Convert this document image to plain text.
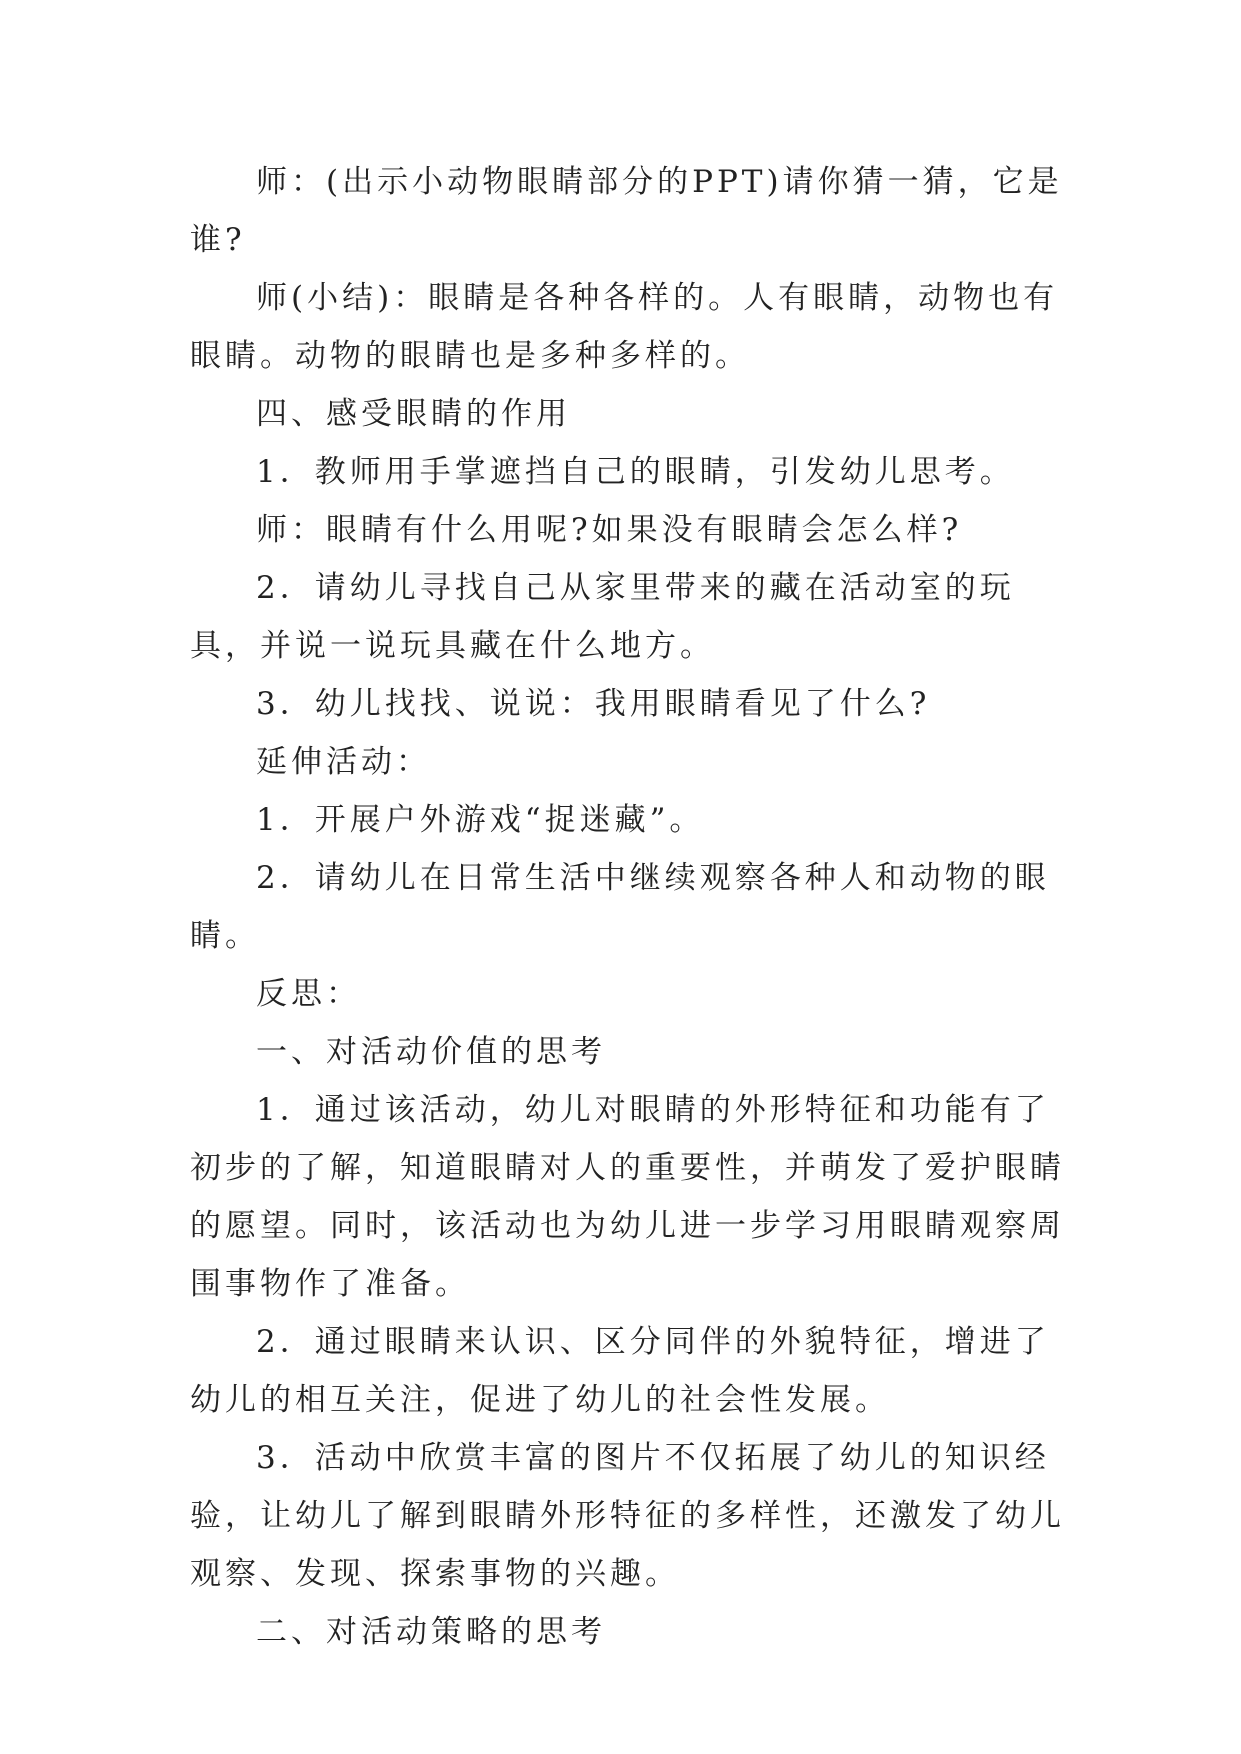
师：(出示小动物眼睛部分的PPT)请你猜一猜，它是谁?

师(小结)：眼睛是各种各样的。人有眼睛，动物也有眼睛。动物的眼睛也是多种多样的。

四、感受眼睛的作用

1．教师用手掌遮挡自己的眼睛，引发幼儿思考。

师：眼睛有什么用呢?如果没有眼睛会怎么样?

2．请幼儿寻找自己从家里带来的藏在活动室的玩具，并说一说玩具藏在什么地方。

3．幼儿找找、说说：我用眼睛看见了什么?

延伸活动：

1．开展户外游戏“捉迷藏”。

2．请幼儿在日常生活中继续观察各种人和动物的眼睛。

反思：

一、对活动价值的思考

1．通过该活动，幼儿对眼睛的外形特征和功能有了初步的了解，知道眼睛对人的重要性，并萌发了爱护眼睛的愿望。同时，该活动也为幼儿进一步学习用眼睛观察周围事物作了准备。

2．通过眼睛来认识、区分同伴的外貌特征，增进了幼儿的相互关注，促进了幼儿的社会性发展。

3．活动中欣赏丰富的图片不仅拓展了幼儿的知识经验，让幼儿了解到眼睛外形特征的多样性，还激发了幼儿观察、发现、探索事物的兴趣。

二、对活动策略的思考
